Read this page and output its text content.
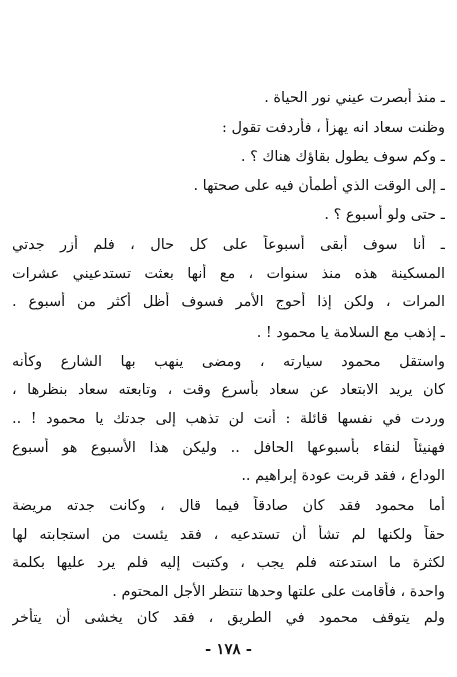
ـ منذ أبصرت عيني نور الحياة .
وظنت سعاد انه يهزأ ، فأردفت تقول :
ـ وكم سوف يطول بقاؤك هناك ؟ .
ـ إلى الوقت الذي أطمأن فيه على صحتها .
ـ حتى ولو أسبوع ؟ .
ـ أنا سوف أبقى أسبوعاً على كل حال ، فلم أزر جدتي
المسكينة هذه منذ سنوات ، مع أنها بعثت تستدعيني عشرات
المرات ، ولكن إذا أحوج الأمر فسوف أظل أكثر من أسبوع .
ـ إذهب مع السلامة يا محمود ! .
واستقل محمود سيارته ، ومضى ينهب بها الشارع وكأنه
كان يريد الابتعاد عن سعاد بأسرع وقت ، وتابعته سعاد بنظرها ،
وردت في نفسها قائلة : أنت لن تذهب إلى جدتك يا محمود ! ..
فهنيئاً لنقاء بأسبوعها الحافل .. وليكن هذا الأسبوع هو أسبوع
الوداع ، فقد قربت عودة إبراهيم ..
أما محمود فقد كان صادقاً فيما قال ، وكانت جدته مريضة
حقاً ولكنها لم تشأ أن تستدعيه ، فقد يئست من استجابته لها
لكثرة ما استدعته فلم يجب ، وكتبت إليه فلم يرد عليها بكلمة
واحدة ، فأقامت على علتها وحدها تنتظر الأجل المحتوم .
ولم يتوقف محمود في الطريق ، فقد كان يخشى أن يتأخر
- ١٧٨ -
